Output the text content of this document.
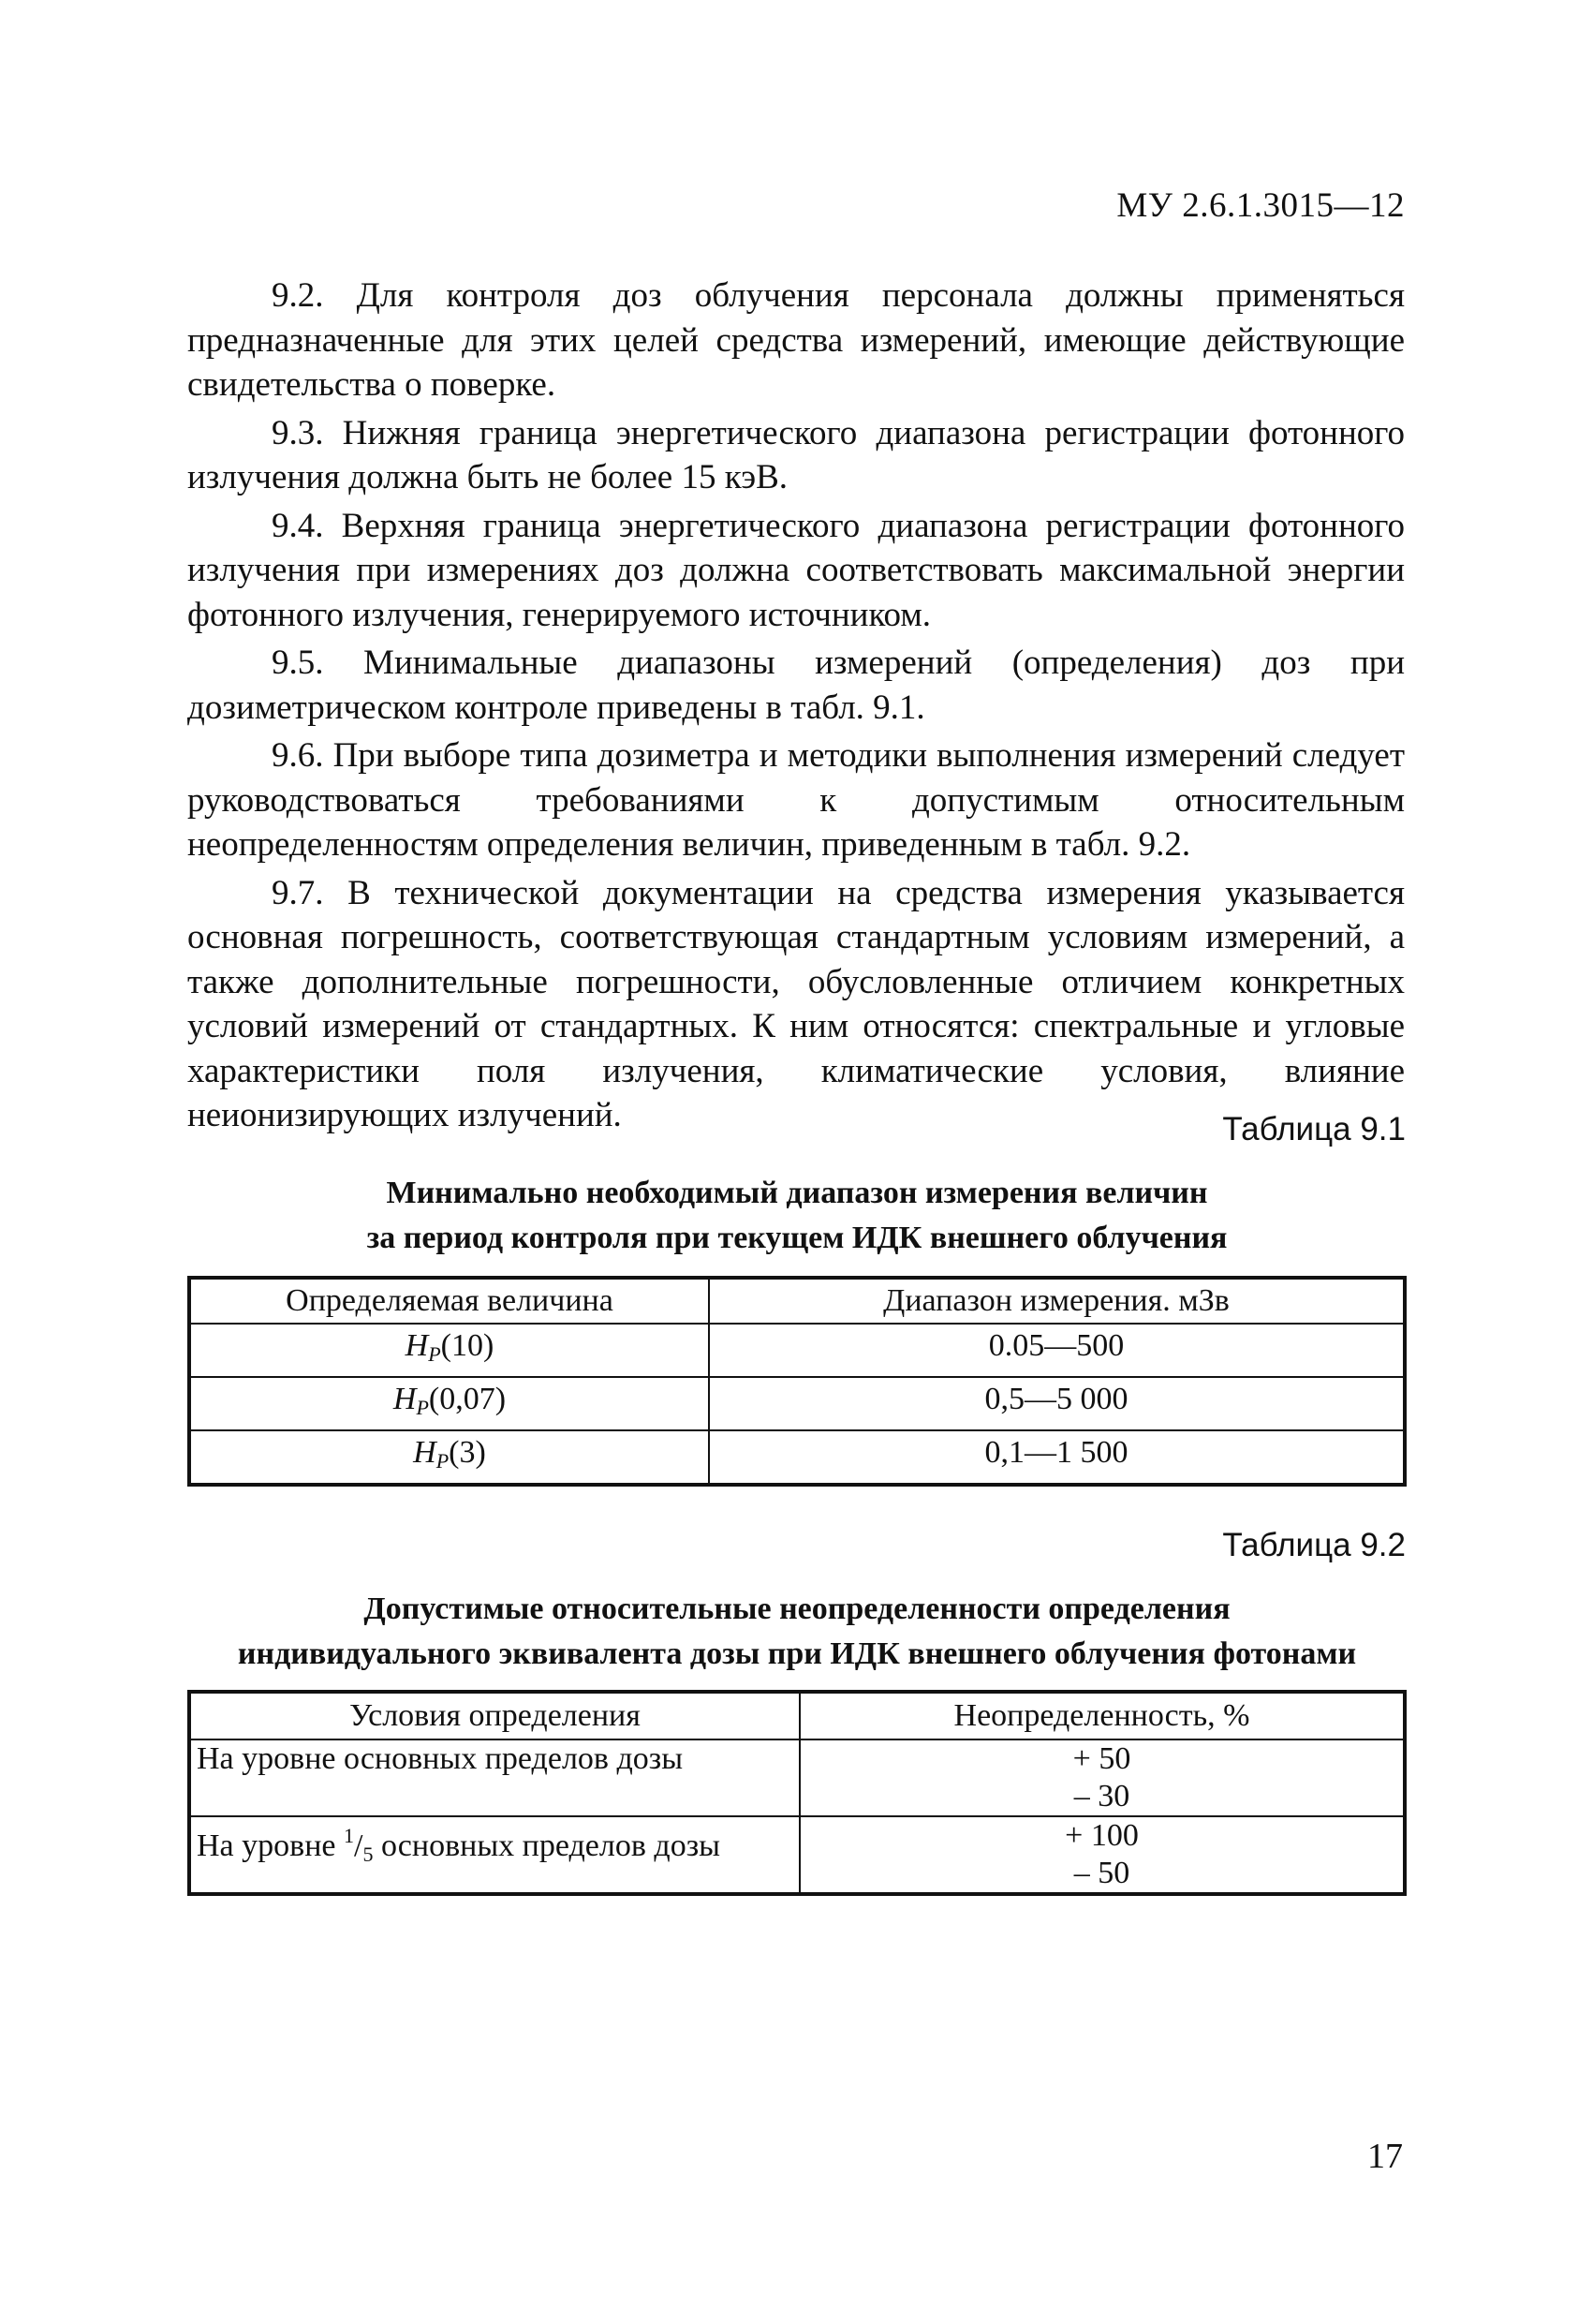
МУ 2.6.1.3015—12

9.2. Для контроля доз облучения персонала должны применяться предназначенные для этих целей средства измерений, имеющие действующие свидетельства о поверке.

9.3. Нижняя граница энергетического диапазона регистрации фотонного излучения должна быть не более 15 кэВ.

9.4. Верхняя граница энергетического диапазона регистрации фотонного излучения при измерениях доз должна соответствовать максимальной энергии фотонного излучения, генерируемого источником.

9.5. Минимальные диапазоны измерений (определения) доз при дозиметрическом контроле приведены в табл. 9.1.

9.6. При выборе типа дозиметра и методики выполнения измерений следует руководствоваться требованиями к допустимым относительным неопределенностям определения величин, приведенным в табл. 9.2.

9.7. В технической документации на средства измерения указывается основная погрешность, соответствующая стандартным условиям измерений, а также дополнительные погрешности, обусловленные отличием конкретных условий измерений от стандартных. К ним относятся: спектральные и угловые характеристики поля излучения, климатические условия, влияние неионизирующих излучений.	Таблица 9.1
Минимально необходимый диапазон измерения величин
за период контроля при текущем ИДК внешнего облучения
Определяемая величина	Диапазон измерения. мЗв
$H_P(10)$	0.05—500
$H_P(0,07)$	0,5—5 000
$H_P(3)$	0,1—1 500
Таблица 9.2
Допустимые относительные неопределенности определения
индивидуального эквивалента дозы при ИДК внешнего облучения фотонами
Условия определения	Неопределенность, %
На уровне основных пределов дозы	+ 50
– 30

На уровне $^1$/5 основных пределов дозы	+ 100
– 50
17
